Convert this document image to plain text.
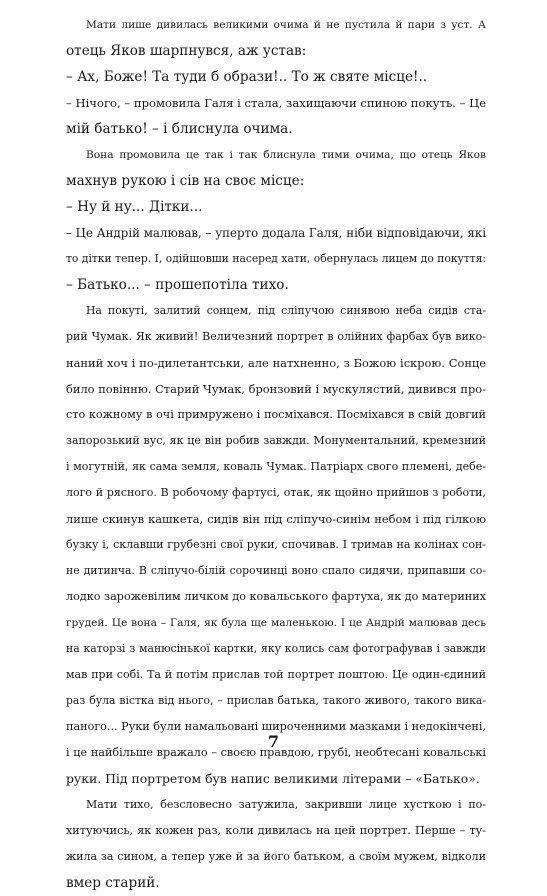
Мати лише дивилась великими очима й не пустила й пари з уст. А
отець Яков шарпнувся, аж устав:
– Ах, Боже! Та туди б образи!.. То ж святе місце!..
– Нічого, – промовила Галя і стала, захищаючи спиною покуть. – Це
мій батько! – і блиснула очима.
Вона промовила це так і так блиснула тими очима, що отець Яков
махнув рукою і сів на своє місце:
– Ну й ну... Дітки...
– Це Андрій малював, – уперто додала Галя, ніби відповідаючи, які
то дітки тепер. І, одійшовши насеред хати, обернулась лицем до покуття:
– Батько... – прошепотіла тихо.
На покуті, залитий сонцем, під сліпучою синявою неба сидів ста-
рий Чумак. Як живий! Величезний портрет в олійних фарбах був вико-
наний хоч і по-дилетантськи, але натхненно, з Божою іскрою. Сонце
било повінню. Старий Чумак, бронзовий і мускулястий, дивився про-
сто кожному в очі примружено і посміхався. Посміхався в свій довгий
запорозький вус, як це він робив завжди. Монументальний, кремезний
і могутній, як сама земля, коваль Чумак. Патріарх свого племені, дебе-
лого й рясного. В робочому фартусі, отак, як щойно прийшов з роботи,
лише скинув кашкета, сидів він під сліпучо-синім небом і під гілкою
бузку і, склавши грубезні свої руки, спочивав. І тримав на колінах сон-
не дитинча. В сліпучо-білій сорочинці воно спало сидячи, припавши со-
лодко зарожевілим личком до ковальського фартуха, як до материних
грудей. Це вона – Галя, як була ще маленькою. І це Андрій малював десь
на каторзі з манюсінької картки, яку колись сам фотографував і завжди
мав при собі. Та й потім прислав той портрет поштою. Це один-єдиний
раз була вістка від нього, – прислав батька, такого живого, такого вика-
паного... Руки були намальовані широченними мазками і недокінчені,
і це найбільше вражало – своєю правдою, грубі, необтесані ковальські
руки. Під портретом був напис великими літерами – «Батько».
Мати тихо, безсловесно затужила, закривши лице хусткою і по-
хитуючись, як кожен раз, коли дивилась на цей портрет. Перше – ту-
жила за сином, а тепер уже й за його батьком, а своїм мужем, відколи
вмер старий.
7
